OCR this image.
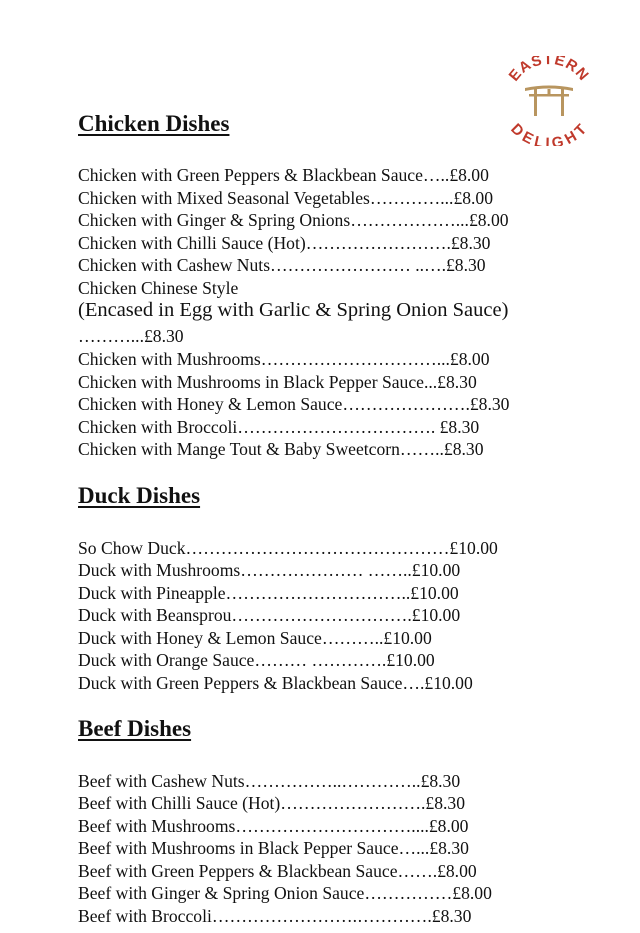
EASTERN
DELIGHT
Chicken Dishes
Chicken with Green Peppers & Blackbean Sauce…..£8.00
Chicken with Mixed Seasonal Vegetables…………...£8.00
Chicken with Ginger & Spring Onions………………...£8.00
Chicken with Chilli Sauce (Hot)…………………….£8.30
Chicken with Cashew Nuts…………………… ..….£8.30
Chicken Chinese Style
(Encased in Egg with Garlic & Spring Onion Sauce)
………...£8.30
Chicken with Mushrooms…………………………...£8.00
Chicken with Mushrooms in Black Pepper Sauce...£8.30
Chicken with Honey & Lemon Sauce………………….£8.30
Chicken with Broccoli……………………………. £8.30
Chicken with Mange Tout & Baby Sweetcorn……..£8.30
Duck Dishes
So Chow Duck………………………………………£10.00
Duck with Mushrooms………………… ……..£10.00
Duck with Pineapple…………………………..£10.00
Duck with Beansprou………………………….£10.00
Duck with Honey & Lemon Sauce………..£10.00
Duck with Orange Sauce……… ………….£10.00
Duck with Green Peppers & Blackbean Sauce….£10.00
Beef Dishes
Beef with Cashew Nuts……………..…………..£8.30
Beef with Chilli Sauce (Hot)…………………….£8.30
Beef with Mushrooms…………………………....£8.00
Beef with Mushrooms in Black Pepper Sauce…...£8.30
Beef with Green Peppers & Blackbean Sauce…….£8.00
Beef with Ginger & Spring Onion Sauce……………£8.00
Beef with Broccoli…………………….………….£8.30
